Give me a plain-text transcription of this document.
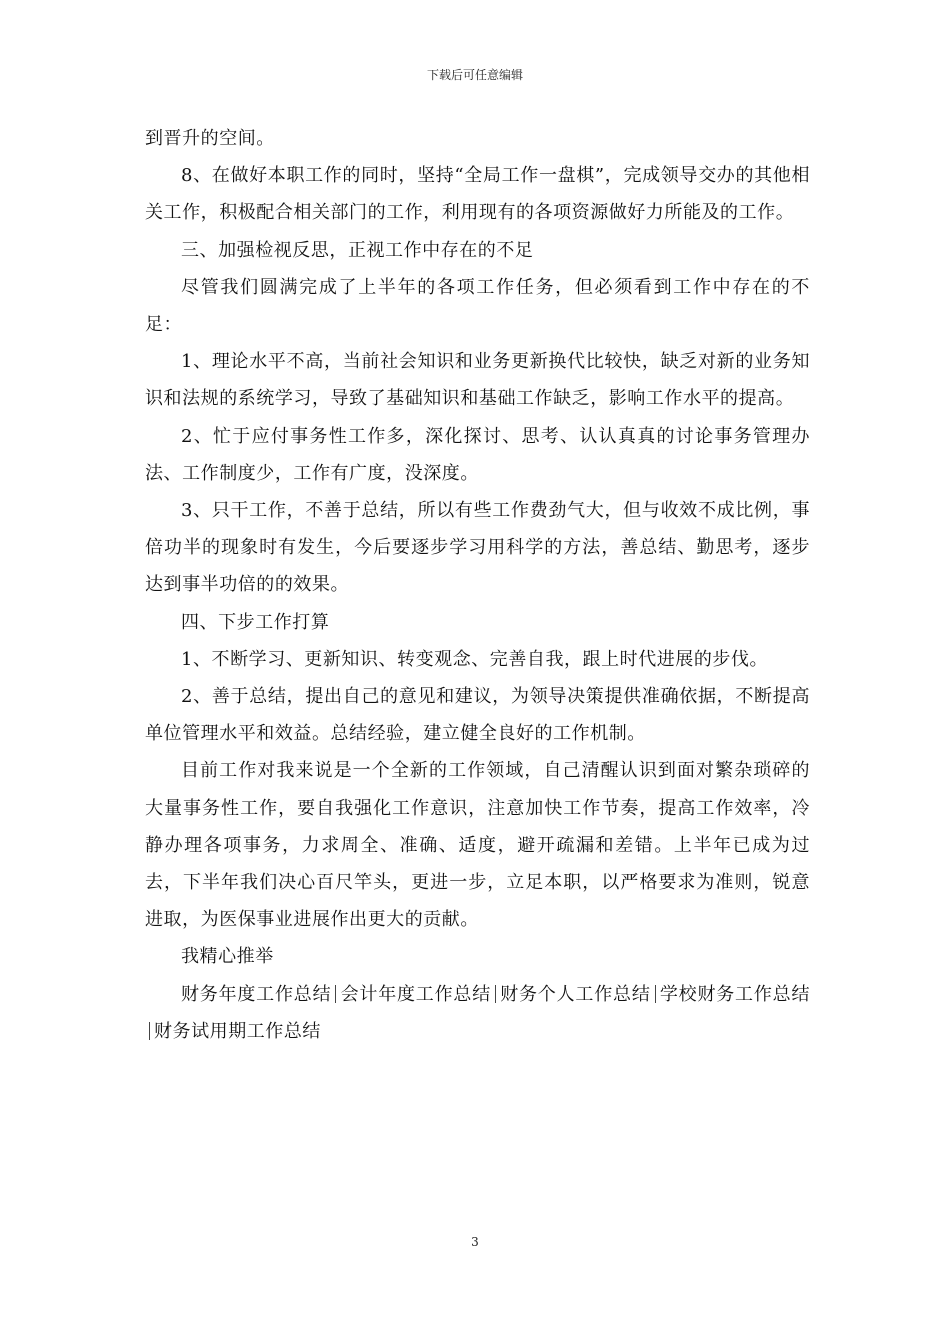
下载后可任意编辑

到晋升的空间。

8、在做好本职工作的同时，坚持“全局工作一盘棋”，完成领导交办的其他相关工作，积极配合相关部门的工作，利用现有的各项资源做好力所能及的工作。

三、加强检视反思，正视工作中存在的不足

尽管我们圆满完成了上半年的各项工作任务，但必须看到工作中存在的不足：

1、理论水平不高，当前社会知识和业务更新换代比较快，缺乏对新的业务知识和法规的系统学习，导致了基础知识和基础工作缺乏，影响工作水平的提高。

2、忙于应付事务性工作多，深化探讨、思考、认认真真的讨论事务管理办法、工作制度少，工作有广度，没深度。

3、只干工作，不善于总结，所以有些工作费劲气大，但与收效不成比例，事倍功半的现象时有发生，今后要逐步学习用科学的方法，善总结、勤思考，逐步达到事半功倍的的效果。

四、下步工作打算

1、不断学习、更新知识、转变观念、完善自我，跟上时代进展的步伐。

2、善于总结，提出自己的意见和建议，为领导决策提供准确依据，不断提高单位管理水平和效益。总结经验，建立健全良好的工作机制。

目前工作对我来说是一个全新的工作领域，自己清醒认识到面对繁杂琐碎的大量事务性工作，要自我强化工作意识，注意加快工作节奏，提高工作效率，冷静办理各项事务，力求周全、准确、适度，避开疏漏和差错。上半年已成为过去，下半年我们决心百尺竿头，更进一步，立足本职，以严格要求为准则，锐意进取，为医保事业进展作出更大的贡献。

我精心推举

财务年度工作总结 会计年度工作总结 财务个人工作总结 学校财务工作总结财务试用期工作总结

3
